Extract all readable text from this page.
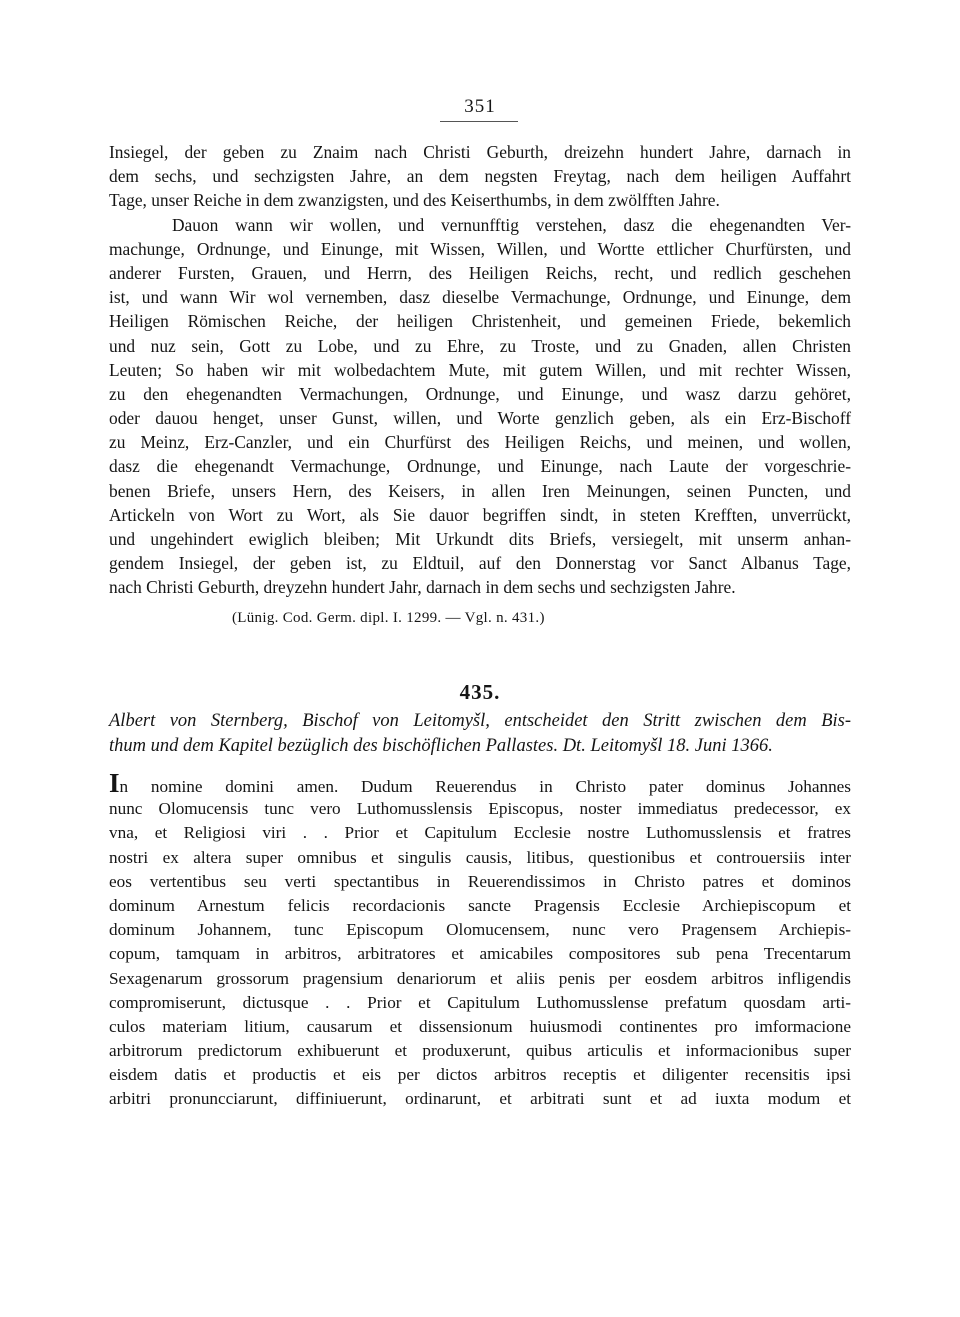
351
Insiegel, der geben zu Znaim nach Christi Geburth, dreizehn hundert Jahre, darnach in
dem sechs, und sechzigsten Jahre, an dem negsten Freytag, nach dem heiligen Auffahrt
Tage, unser Reiche in dem zwanzigsten, und des Keiserthumbs, in dem zwölfften Jahre.
Dauon wann wir wollen, und vernunfftig verstehen, dasz die ehegenandten Ver-
machunge, Ordnunge, und Einunge, mit Wissen, Willen, und Wortte ettlicher Churfürsten, und
anderer Fursten, Grauen, und Herrn, des Heiligen Reichs, recht, und redlich geschehen
ist, und wann Wir wol vernemben, dasz dieselbe Vermachunge, Ordnunge, und Einunge, dem
Heiligen Römischen Reiche, der heiligen Christenheit, und gemeinen Friede, bekemlich
und nuz sein, Gott zu Lobe, und zu Ehre, zu Troste, und zu Gnaden, allen Christen
Leuten; So haben wir mit wolbedachtem Mute, mit gutem Willen, und mit rechter Wissen,
zu den ehegenandten Vermachungen, Ordnunge, und Einunge, und wasz darzu gehöret,
oder dauou henget, unser Gunst, willen, und Worte genzlich geben, als ein Erz-Bischoff
zu Meinz, Erz-Canzler, und ein Churfürst des Heiligen Reichs, und meinen, und wollen,
dasz die ehegenandt Vermachunge, Ordnunge, und Einunge, nach Laute der vorgeschrie-
benen Briefe, unsers Hern, des Keisers, in allen Iren Meinungen, seinen Puncten, und
Artickeln von Wort zu Wort, als Sie dauor begriffen sindt, in steten Krefften, unverrückt,
und ungehindert ewiglich bleiben; Mit Urkundt dits Briefs, versiegelt, mit unserm anhan-
gendem Insiegel, der geben ist, zu Eldtuil, auf den Donnerstag vor Sanct Albanus Tage,
nach Christi Geburth, dreyzehn hundert Jahr, darnach in dem sechs und sechzigsten Jahre.
(Lünig. Cod. Germ. dipl. I. 1299. — Vgl. n. 431.)
435.
Albert von Sternberg, Bischof von Leitomyšl, entscheidet den Stritt zwischen dem Bis-
thum und dem Kapitel bezüglich des bischöflichen Pallastes. Dt. Leitomyšl 18. Juni 1366.
In nomine domini amen. Dudum Reuerendus in Christo pater dominus Johannes
nunc Olomucensis tunc vero Luthomusslensis Episcopus, noster immediatus predecessor, ex
vna, et Religiosi viri . . Prior et Capitulum Ecclesie nostre Luthomusslensis et fratres
nostri ex altera super omnibus et singulis causis, litibus, questionibus et controuersiis inter
eos vertentibus seu verti spectantibus in Reuerendissimos in Christo patres et dominos
dominum Arnestum felicis recordacionis sancte Pragensis Ecclesie Archiepiscopum et
dominum Johannem, tunc Episcopum Olomucensem, nunc vero Pragensem Archiepis-
copum, tamquam in arbitros, arbitratores et amicabiles compositores sub pena Trecentarum
Sexagenarum grossorum pragensium denariorum et aliis penis per eosdem arbitros infligendis
compromiserunt, dictusque . . Prior et Capitulum Luthomusslense prefatum quosdam arti-
culos materiam litium, causarum et dissensionum huiusmodi continentes pro imformacione
arbitrorum predictorum exhibuerunt et produxerunt, quibus articulis et informacionibus super
eisdem datis et productis et eis per dictos arbitros receptis et diligenter recensitis ipsi
arbitri pronuncciarunt, diffiniuerunt, ordinarunt, et arbitrati sunt et ad iuxta modum et
